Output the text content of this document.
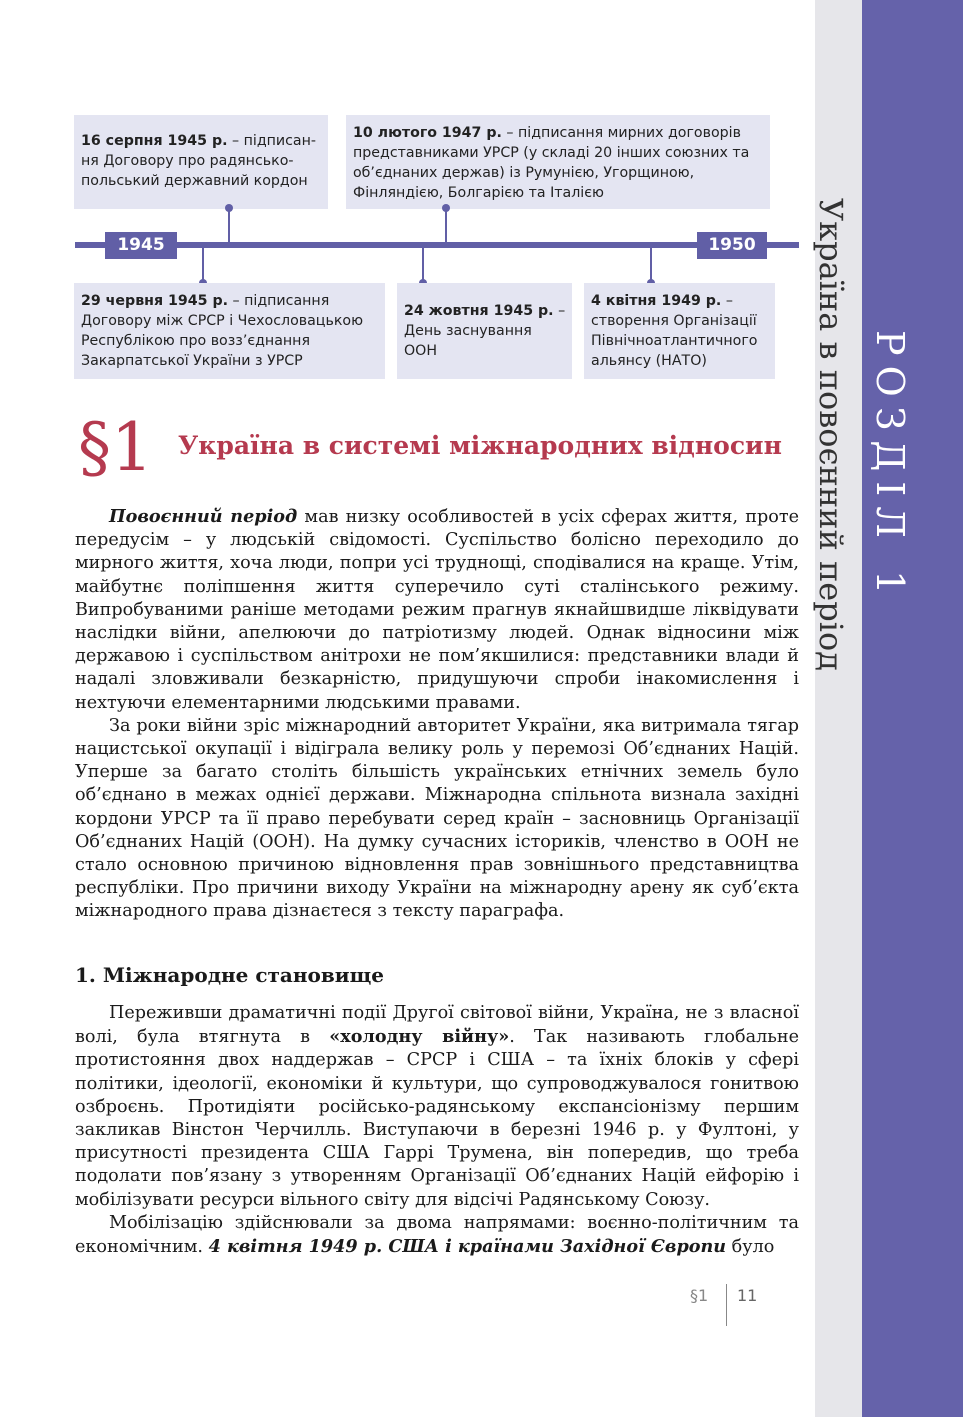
РОЗДІЛ 1
Україна в повоєнний період
16 серпня 1945 р. – підписан-
ня Договору про радянсько-
польський державний кордон
10 лютого 1947 р. – підписання мирних договорів
представниками УРСР (у складі 20 інших союзних та
об’єднаних держав) із Румунією, Угорщиною,
Фінляндією, Болгарією та Італією
1945	1950
29 червня 1945 р. – підписання
Договору між СРСР і Чехословацькою
Республікою про возз’єднання
Закарпатської України з УРСР
24 жовтня 1945 р. –
День заснування
ООН
4 квітня 1949 р. –
створення Організації
Північноатлантичного
альянсу (НАТО)
§1 Україна в системі міжнародних відносин

Повоєнний період мав низку особливостей в усіх сферах життя, проте передусім – у людській свідомості. Суспільство болісно переходило до мирного життя, хоча люди, попри усі труднощі, сподівалися на краще. Утім, майбутнє поліпшення життя суперечило суті сталінського режиму. Випробуваними раніше методами режим прагнув якнайшвидше ліквідувати наслідки війни, апелюючи до патріотизму людей. Однак відносини між державою і суспільством анітрохи не пом’якшилися: представники влади й надалі зловживали безкарністю, придушуючи спроби інакомислення і нехтуючи елементарними людськими правами.

За роки війни зріс міжнародний авторитет України, яка витримала тягар нацистської окупації і відіграла велику роль у перемозі Об’єднаних Націй. Уперше за багато століть більшість українських етнічних земель було об’єднано в межах однієї держави. Міжнародна спільнота визнала західні кордони УРСР та її право перебувати серед країн – засновниць Організації Об’єднаних Націй (ООН). На думку сучасних істориків, членство в ООН не стало основною причиною відновлення прав зовнішнього представництва республіки. Про причини виходу України на міжнародну арену як суб’єкта міжнародного права дізнаєтеся з тексту параграфа.

1. Міжнародне становище

Переживши драматичні події Другої світової війни, Україна, не з власної волі, була втягнута в «холодну війну». Так називають глобальне протистояння двох наддержав – СРСР і США – та їхніх блоків у сфері політики, ідеології, економіки й культури, що супроводжувалося гонитвою озброєнь. Протидіяти російсько-радянському експансіонізму першим закликав Вінстон Черчилль. Виступаючи в березні 1946 р. у Фултоні, у присутності президента США Гаррі Трумена, він попередив, що треба подолати пов’язану з утворенням Організації Об’єднаних Націй ейфорію і мобілізувати ресурси вільного світу для відсічі Радянському Союзу.

Мобілізацію здійснювали за двома напрямами: воєнно-політичним та економічним. 4 квітня 1949 р. США і країнами Західної Європи було

§1 11
